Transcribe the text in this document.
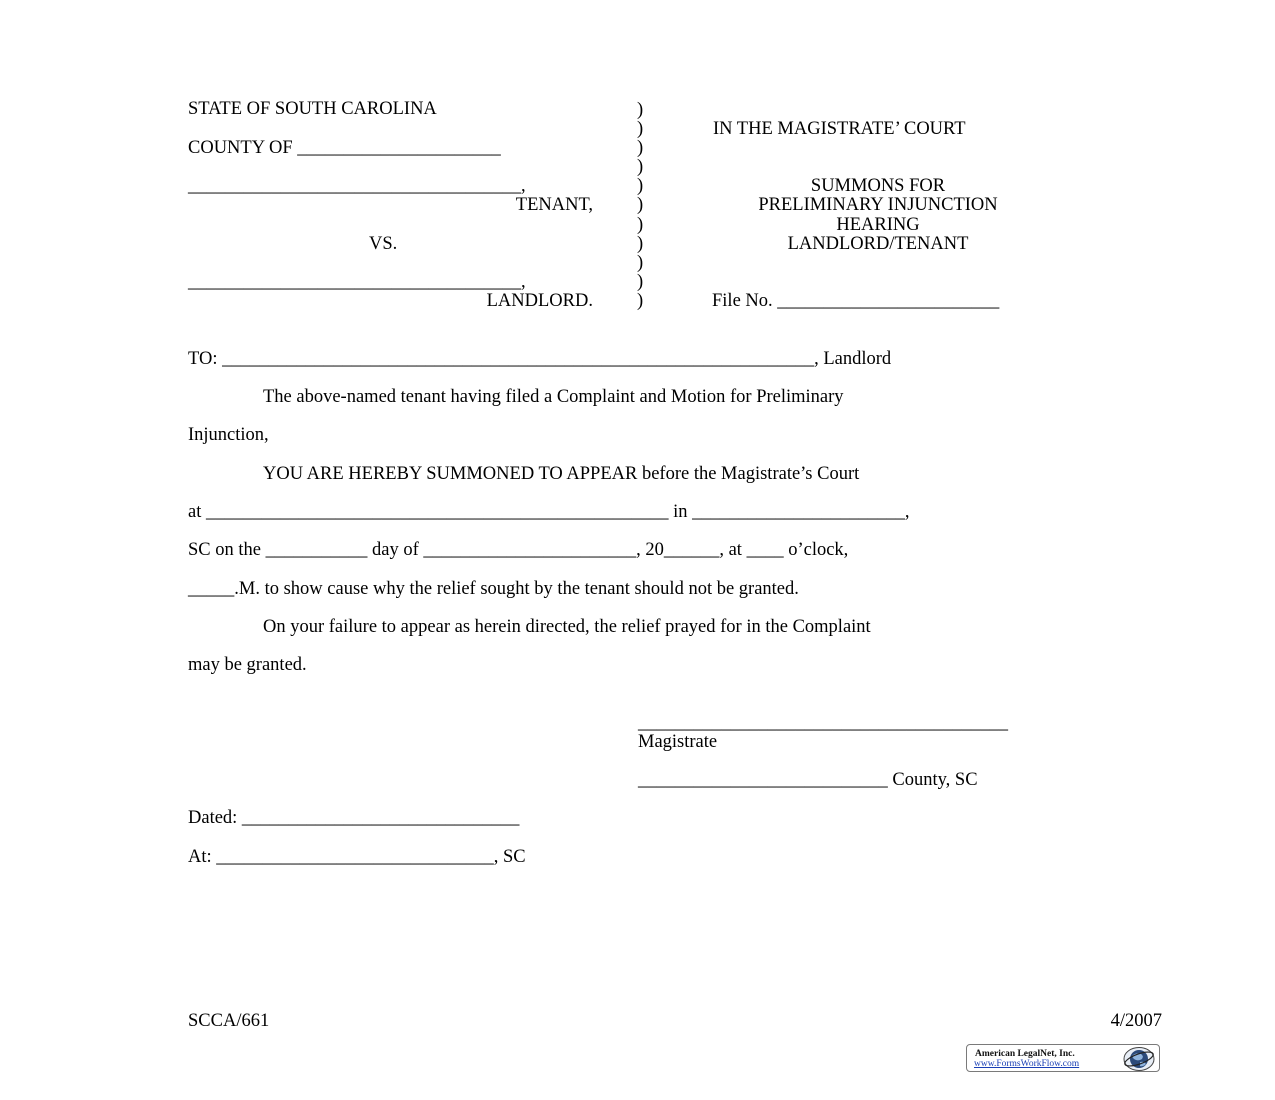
STATE OF SOUTH CAROLINA
COUNTY OF ______________________
____________________________________,
TENANT,
VS.
____________________________________,
LANDLORD.
)
)
)
)
)
)
)
)
)
)
)
IN THE MAGISTRATE’ COURT
SUMMONS FOR
PRELIMINARY INJUNCTION
HEARING
LANDLORD/TENANT
File No. ________________________
TO: ________________________________________________________________, Landlord
The above-named tenant having filed a Complaint and Motion for Preliminary
Injunction,
YOU ARE HEREBY SUMMONED TO APPEAR before the Magistrate’s Court
at __________________________________________________ in _______________________,
SC on the ___________ day of _______________________, 20______, at ____ o’clock,
_____.M. to show cause why the relief sought by the tenant should not be granted.
On your failure to appear as herein directed, the relief prayed for in the Complaint
may be granted.
________________________________________
Magistrate
___________________________ County, SC
Dated: ______________________________
At: ______________________________, SC
SCCA/661	4/2007
American LegalNet, Inc.
www.FormsWorkFlow.com
